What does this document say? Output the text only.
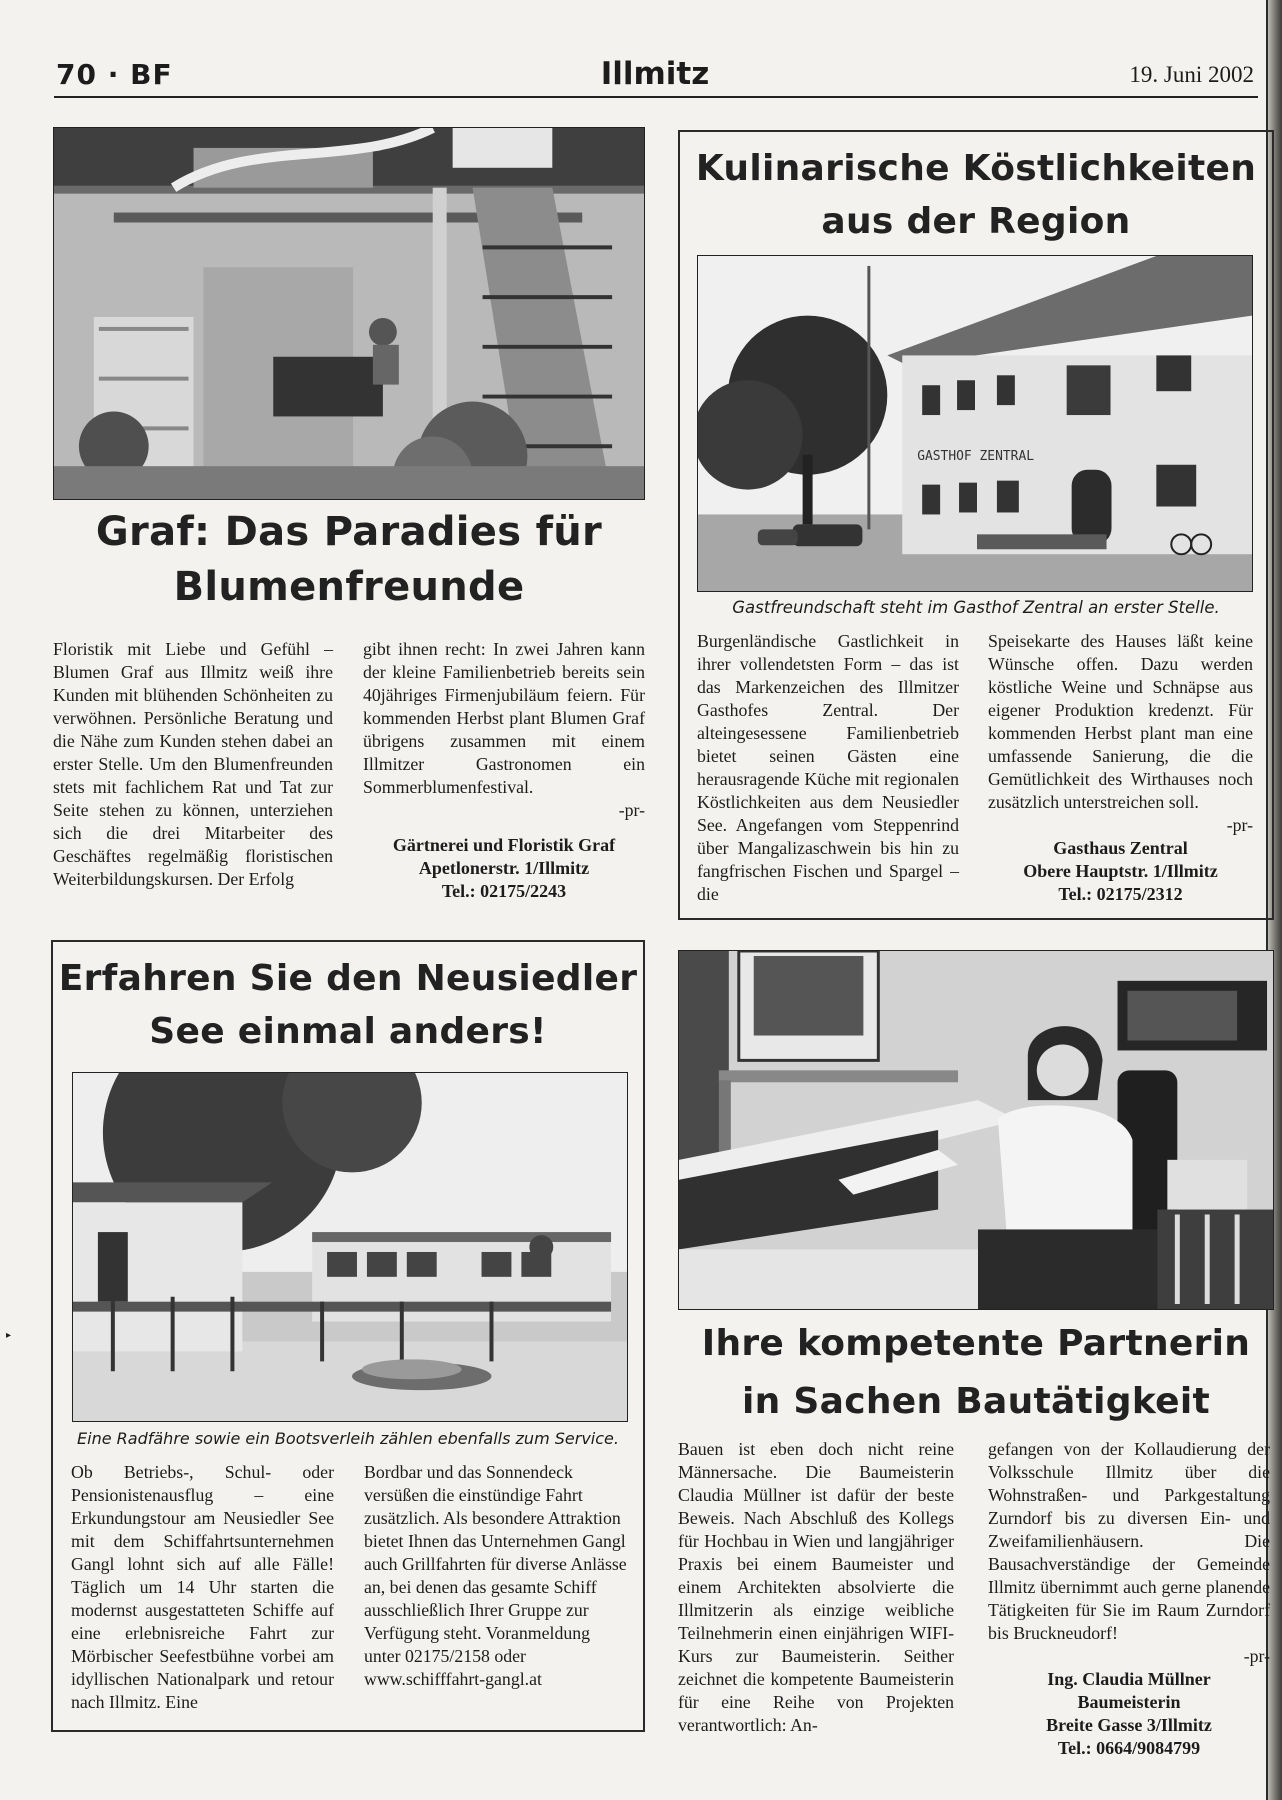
70 · BF	Illmitz	19. Juni 2002
Graf: Das Paradies für
Blumenfreunde

Floristik mit Liebe und Gefühl – Blumen Graf aus Illmitz weiß ihre Kunden mit blühenden Schönheiten zu verwöhnen. Persönliche Beratung und die Nähe zum Kunden stehen dabei an erster Stelle. Um den Blumenfreunden stets mit fachlichem Rat und Tat zur Seite stehen zu können, unterziehen sich die drei Mitarbeiter des Geschäftes regelmäßig floristischen Weiterbildungskursen. Der Erfolg

gibt ihnen recht: In zwei Jahren kann der kleine Familienbetrieb bereits sein 40jähriges Firmenjubiläum feiern. Für kommenden Herbst plant Blumen Graf übrigens zusammen mit einem Illmitzer Gastronomen ein Sommerblumenfestival.

-pr-

Gärtnerei und Floristik Graf
Apetlonerstr. 1/Illmitz
Tel.: 02175/2243
Kulinarische Köstlichkeiten
aus der Region
GASTHOF ZENTRAL
Gastfreundschaft steht im Gasthof Zentral an erster Stelle.

Burgenländische Gastlichkeit in ihrer vollendetsten Form – das ist das Markenzeichen des Illmitzer Gasthofes Zentral. Der alteingesessene Familienbetrieb bietet seinen Gästen eine herausragende Küche mit regionalen Köstlichkeiten aus dem Neusiedler See. Angefangen vom Steppenrind über Mangalizaschwein bis hin zu fangfrischen Fischen und Spargel – die

Speisekarte des Hauses läßt keine Wünsche offen. Dazu werden köstliche Weine und Schnäpse aus eigener Produktion kredenzt. Für kommenden Herbst plant man eine umfassende Sanierung, die die Gemütlichkeit des Wirthauses noch zusätzlich unterstreichen soll.

-pr-

Gasthaus Zentral
Obere Hauptstr. 1/Illmitz
Tel.: 02175/2312
Erfahren Sie den Neusiedler
See einmal anders!
Eine Radfähre sowie ein Bootsverleih zählen ebenfalls zum Service.

Ob Betriebs-, Schul- oder Pensionistenausflug – eine Erkundungstour am Neusiedler See mit dem Schiffahrtsunternehmen Gangl lohnt sich auf alle Fälle! Täglich um 14 Uhr starten die modernst ausgestatteten Schiffe auf eine erlebnisreiche Fahrt zur Mörbischer Seefestbühne vorbei am idyllischen Nationalpark und retour nach Illmitz. Eine

Bordbar und das Sonnendeck versüßen die einstündige Fahrt zusätzlich. Als besondere Attraktion bietet Ihnen das Unternehmen Gangl auch Grillfahrten für diverse Anlässe an, bei denen das gesamte Schiff ausschließlich Ihrer Gruppe zur Verfügung steht. Voranmeldung unter 02175/2158 oder www.schifffahrt-gangl.at

Ihre kompetente Partnerin
in Sachen Bautätigkeit

Bauen ist eben doch nicht reine Männersache. Die Baumeisterin Claudia Müllner ist dafür der beste Beweis. Nach Abschluß des Kollegs für Hochbau in Wien und langjähriger Praxis bei einem Baumeister und einem Architekten absolvierte die Illmitzerin als einzige weibliche Teilnehmerin einen einjährigen WIFI-Kurs zur Baumeisterin. Seither zeichnet die kompetente Baumeisterin für eine Reihe von Projekten verantwortlich: An-

gefangen von der Kollaudierung der Volksschule Illmitz über die Wohnstraßen- und Parkgestaltung Zurndorf bis zu diversen Ein- und Zweifamilienhäusern. Die Bausachverständige der Gemeinde Illmitz übernimmt auch gerne planende Tätigkeiten für Sie im Raum Zurndorf bis Bruckneudorf!

-pr-

Ing. Claudia Müllner
Baumeisterin
Breite Gasse 3/Illmitz
Tel.: 0664/9084799
▸
